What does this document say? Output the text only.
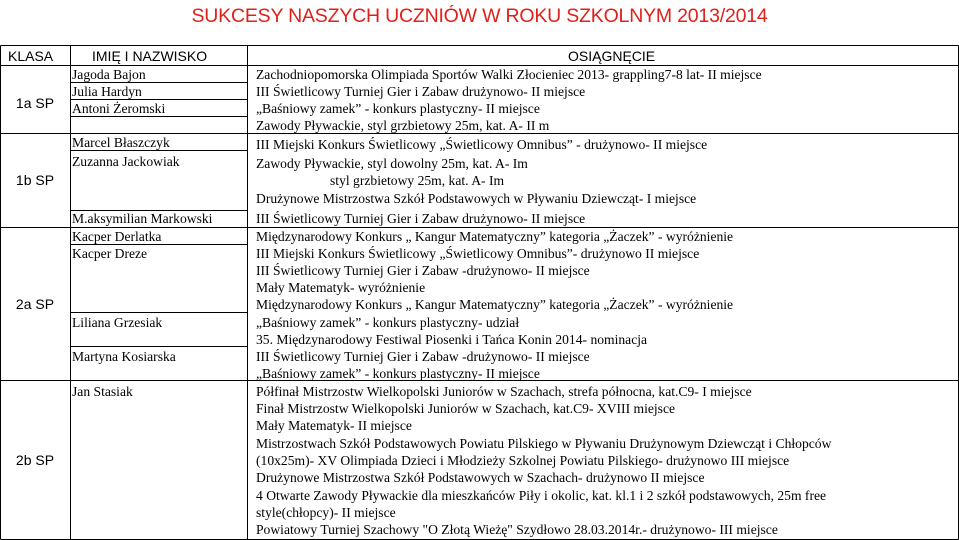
SUKCESY NASZYCH UCZNIÓW W ROKU SZKOLNYM 2013/2014
KLASA	IMIĘ I NAZWISKO	OSIĄGNĘCIE
1a SP
1b SP
2a SP
2b SP
Jagoda Bajon
Julia Hardyn
Antoni Żeromski
Marcel Błaszczyk
Zuzanna Jackowiak
M.aksymilian Markowski
Kacper Derlatka
Kacper Dreze
Liliana Grzesiak
Martyna Kosiarska
Jan Stasiak
Zachodniopomorska Olimpiada Sportów Walki Złocieniec 2013- grappling7-8 lat- II miejsce
III Świetlicowy Turniej Gier i Zabaw drużynowo- II miejsce
„Baśniowy zamek” - konkurs plastyczny- II miejsce
Zawody Pływackie, styl grzbietowy 25m, kat. A- II m
III Miejski Konkurs Świetlicowy „Świetlicowy Omnibus” - drużynowo- II miejsce
Zawody Pływackie, styl dowolny 25m, kat. A- Im
styl grzbietowy 25m, kat. A- Im
Drużynowe Mistrzostwa Szkół Podstawowych w Pływaniu Dziewcząt- I miejsce
III Świetlicowy Turniej Gier i Zabaw drużynowo- II miejsce
Międzynarodowy Konkurs „ Kangur Matematyczny” kategoria „Żaczek” - wyróżnienie
III Miejski Konkurs Świetlicowy „Świetlicowy Omnibus”- drużynowo II miejsce
III Świetlicowy Turniej Gier i Zabaw -drużynowo- II miejsce
Mały Matematyk- wyróżnienie
Międzynarodowy Konkurs „ Kangur Matematyczny” kategoria „Żaczek” - wyróżnienie
„Baśniowy zamek” - konkurs plastyczny- udział
35. Międzynarodowy Festiwal Piosenki i Tańca Konin 2014- nominacja
III Świetlicowy Turniej Gier i Zabaw -drużynowo- II miejsce
„Baśniowy zamek” - konkurs plastyczny- II miejsce
Półfinał Mistrzostw Wielkopolski Juniorów w Szachach, strefa północna, kat.C9- I miejsce
Finał Mistrzostw Wielkopolski Juniorów w Szachach, kat.C9- XVIII miejsce
Mały Matematyk- II miejsce
Mistrzostwach Szkół Podstawowych Powiatu Pilskiego w Pływaniu Drużynowym Dziewcząt i Chłopców
(10x25m)- XV Olimpiada Dzieci i Młodzieży Szkolnej Powiatu Pilskiego- drużynowo III miejsce
Drużynowe Mistrzostwa Szkół Podstawowych w Szachach- drużynowo II miejsce
4 Otwarte Zawody Pływackie dla mieszkańców Piły i okolic, kat. kl.1 i 2 szkół podstawowych, 25m free
style(chłopcy)- II miejsce
Powiatowy Turniej Szachowy "O Złotą Wieżę" Szydłowo 28.03.2014r.- drużynowo- III miejsce
